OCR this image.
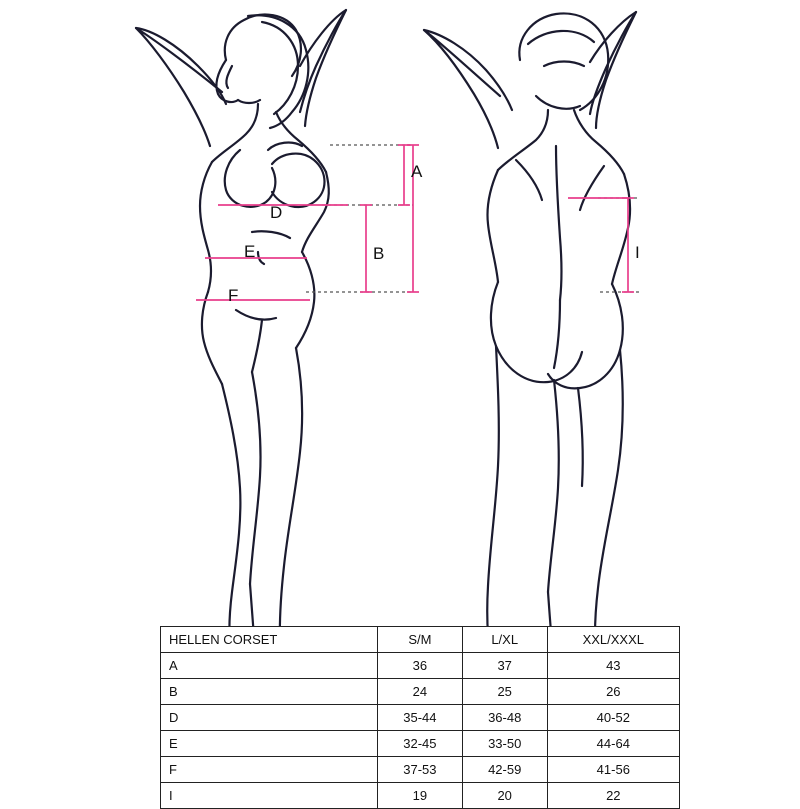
A
B
D
E
F
I
HELLEN CORSET	S/M	L/XL	XXL/XXXL
A	36	37	43
B	24	25	26
D	35-44	36-48	40-52
E	32-45	33-50	44-64
F	37-53	42-59	41-56
I	19	20	22
